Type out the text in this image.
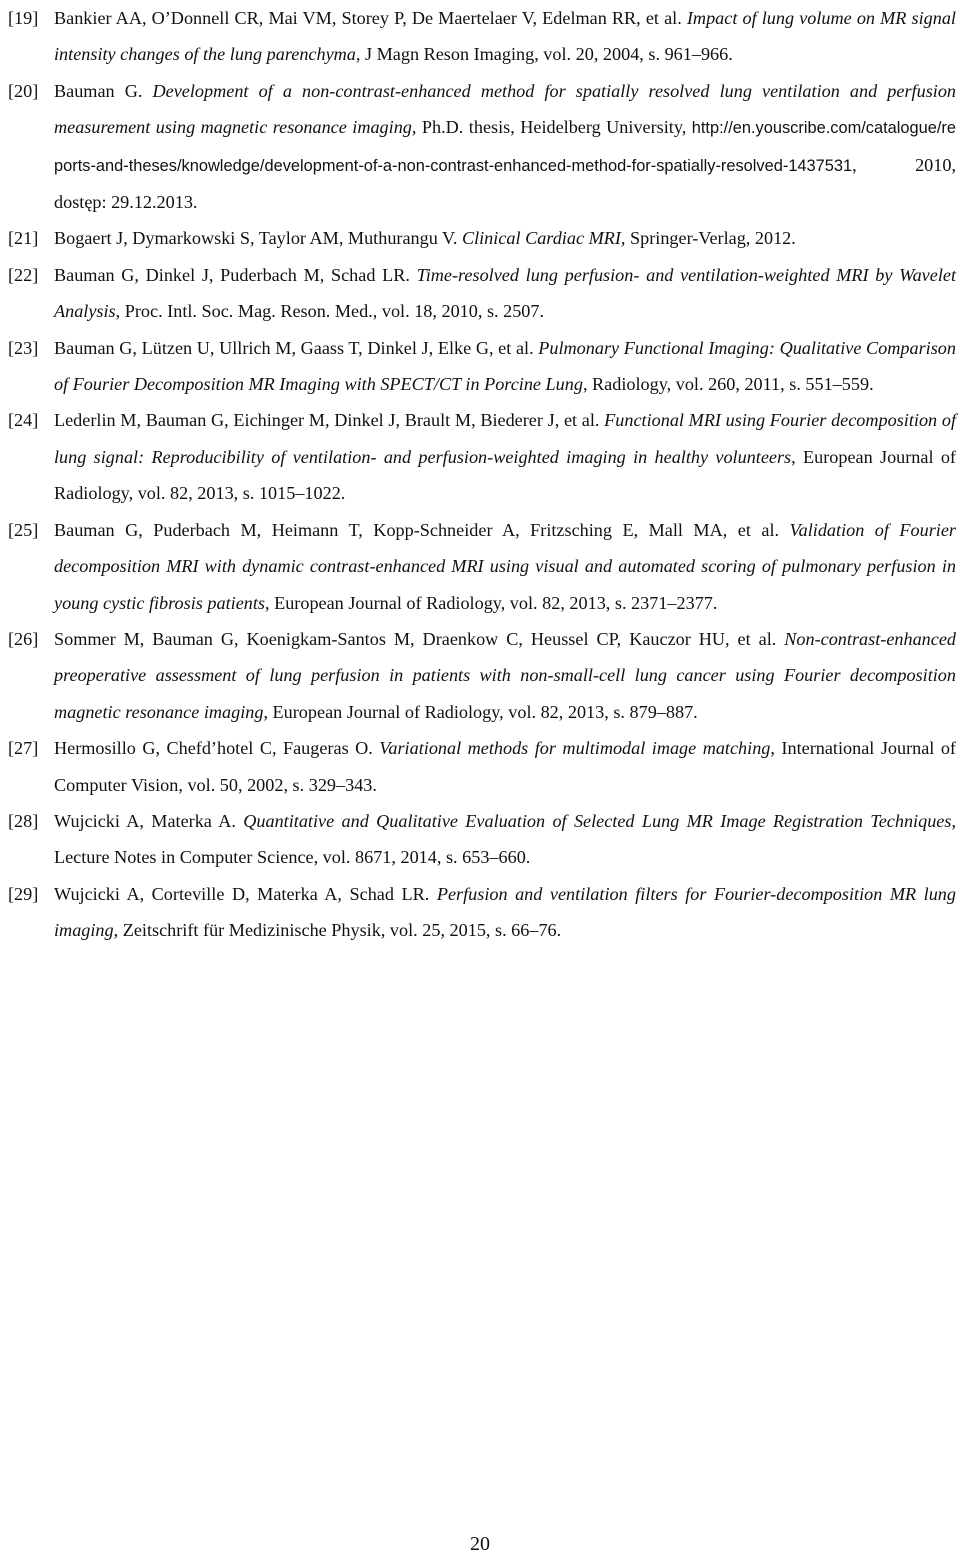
[19] Bankier AA, O’Donnell CR, Mai VM, Storey P, De Maertelaer V, Edelman RR, et al. Impact of lung volume on MR signal intensity changes of the lung parenchyma, J Magn Reson Imaging, vol. 20, 2004, s. 961–966.
[20] Bauman G. Development of a non-contrast-enhanced method for spatially resolved lung ventilation and perfusion measurement using magnetic resonance imaging, Ph.D. thesis, Heidelberg University, http://en.youscribe.com/catalogue/reports-and-theses/knowledge/development-of-a-non-contrast-enhanced-method-for-spatially-resolved-1437531, 2010, dostęp: 29.12.2013.
[21] Bogaert J, Dymarkowski S, Taylor AM, Muthurangu V. Clinical Cardiac MRI, Springer-Verlag, 2012.
[22] Bauman G, Dinkel J, Puderbach M, Schad LR. Time-resolved lung perfusion- and ventilation-weighted MRI by Wavelet Analysis, Proc. Intl. Soc. Mag. Reson. Med., vol. 18, 2010, s. 2507.
[23] Bauman G, Lützen U, Ullrich M, Gaass T, Dinkel J, Elke G, et al. Pulmonary Functional Imaging: Qualitative Comparison of Fourier Decomposition MR Imaging with SPECT/CT in Porcine Lung, Radiology, vol. 260, 2011, s. 551–559.
[24] Lederlin M, Bauman G, Eichinger M, Dinkel J, Brault M, Biederer J, et al. Functional MRI using Fourier decomposition of lung signal: Reproducibility of ventilation- and perfusion-weighted imaging in healthy volunteers, European Journal of Radiology, vol. 82, 2013, s. 1015–1022.
[25] Bauman G, Puderbach M, Heimann T, Kopp-Schneider A, Fritzsching E, Mall MA, et al. Validation of Fourier decomposition MRI with dynamic contrast-enhanced MRI using visual and automated scoring of pulmonary perfusion in young cystic fibrosis patients, European Journal of Radiology, vol. 82, 2013, s. 2371–2377.
[26] Sommer M, Bauman G, Koenigkam-Santos M, Draenkow C, Heussel CP, Kauczor HU, et al. Non-contrast-enhanced preoperative assessment of lung perfusion in patients with non-small-cell lung cancer using Fourier decomposition magnetic resonance imaging, European Journal of Radiology, vol. 82, 2013, s. 879–887.
[27] Hermosillo G, Chefd’hotel C, Faugeras O. Variational methods for multimodal image matching, International Journal of Computer Vision, vol. 50, 2002, s. 329–343.
[28] Wujcicki A, Materka A. Quantitative and Qualitative Evaluation of Selected Lung MR Image Registration Techniques, Lecture Notes in Computer Science, vol. 8671, 2014, s. 653–660.
[29] Wujcicki A, Corteville D, Materka A, Schad LR. Perfusion and ventilation filters for Fourier-decomposition MR lung imaging, Zeitschrift für Medizinische Physik, vol. 25, 2015, s. 66–76.
20
